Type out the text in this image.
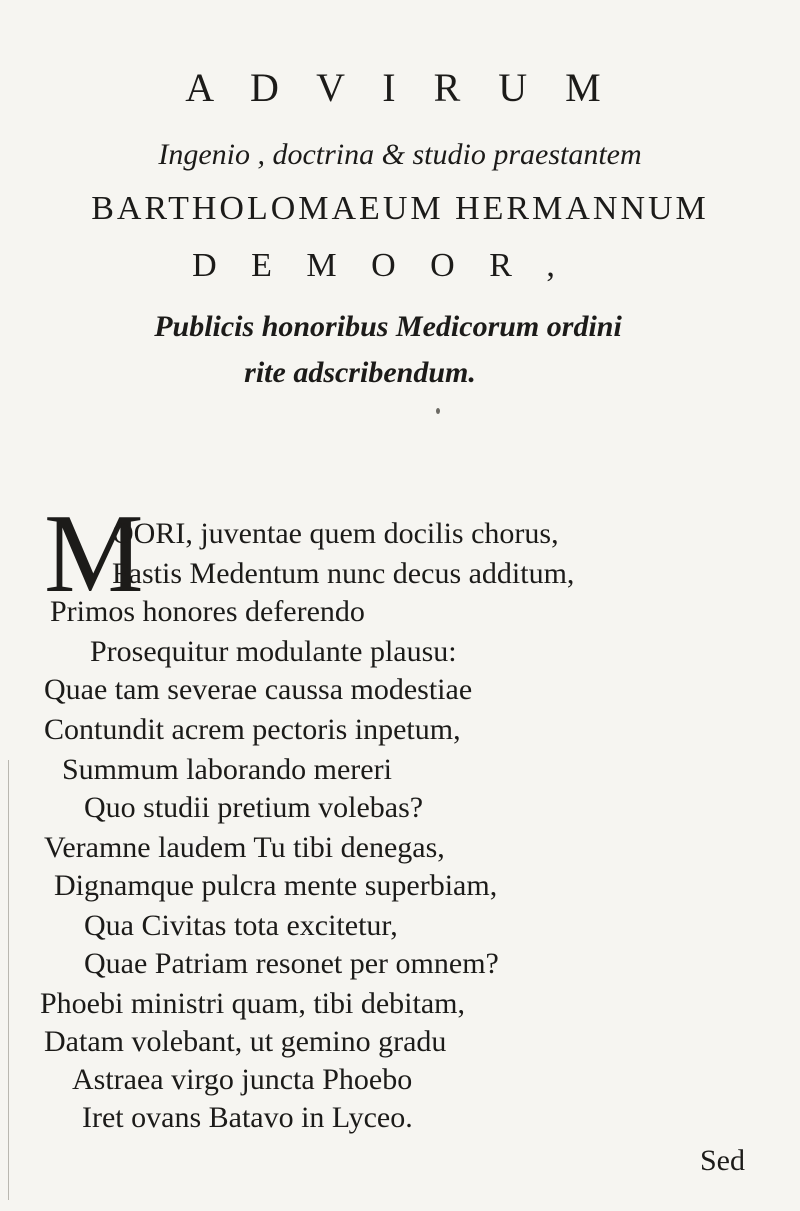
A D V I R U M
Ingenio , doctrina & studio praestantem
BARTHOLOMAEUM HERMANNUM
D E M O O R ,
Publicis honoribus Medicorum ordini
rite adscribendum.
M
OORI, juventae quem docilis chorus,
Fastis Medentum nunc decus additum,
Primos honores deferendo
Prosequitur modulante plausu:
Quae tam severae caussa modestiae
Contundit acrem pectoris inpetum,
Summum laborando mereri
Quo studii pretium volebas?
Veramne laudem Tu tibi denegas,
Dignamque pulcra mente superbiam,
Qua Civitas tota excitetur,
Quae Patriam resonet per omnem?
Phoebi ministri quam, tibi debitam,
Datam volebant, ut gemino gradu
Astraea virgo juncta Phoebo
Iret ovans Batavo in Lyceo.
Sed
